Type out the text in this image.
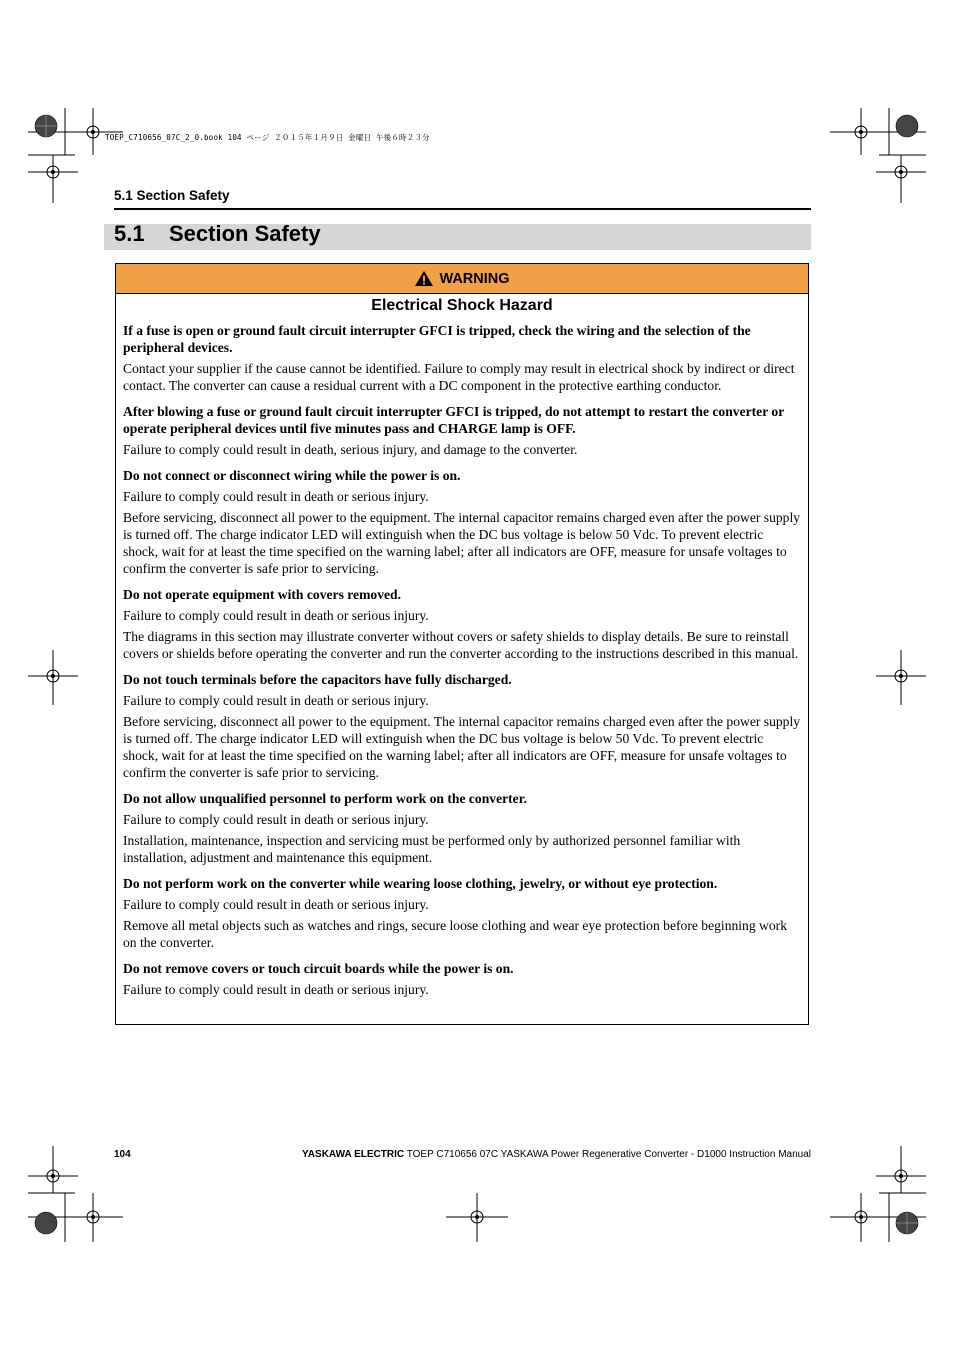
TOEP_C710656_07C_2_0.book 104 ページ ２０１５年１月９日 金曜日 午後６時２３分
5.1 Section Safety
5.1 Section Safety
WARNING
Electrical Shock Hazard

If a fuse is open or ground fault circuit interrupter GFCI is tripped, check the wiring and the selection of the peripheral devices.

Contact your supplier if the cause cannot be identified. Failure to comply may result in electrical shock by indirect or direct contact. The converter can cause a residual current with a DC component in the protective earthing conductor.

After blowing a fuse or ground fault circuit interrupter GFCI is tripped, do not attempt to restart the converter or operate peripheral devices until five minutes pass and CHARGE lamp is OFF.

Failure to comply could result in death, serious injury, and damage to the converter.

Do not connect or disconnect wiring while the power is on.

Failure to comply could result in death or serious injury.

Before servicing, disconnect all power to the equipment. The internal capacitor remains charged even after the power supply is turned off. The charge indicator LED will extinguish when the DC bus voltage is below 50 Vdc. To prevent electric shock, wait for at least the time specified on the warning label; after all indicators are OFF, measure for unsafe voltages to confirm the converter is safe prior to servicing.

Do not operate equipment with covers removed.

Failure to comply could result in death or serious injury.

The diagrams in this section may illustrate converter without covers or safety shields to display details. Be sure to reinstall covers or shields before operating the converter and run the converter according to the instructions described in this manual.

Do not touch terminals before the capacitors have fully discharged.

Failure to comply could result in death or serious injury.

Before servicing, disconnect all power to the equipment. The internal capacitor remains charged even after the power supply is turned off. The charge indicator LED will extinguish when the DC bus voltage is below 50 Vdc. To prevent electric shock, wait for at least the time specified on the warning label; after all indicators are OFF, measure for unsafe voltages to confirm the converter is safe prior to servicing.

Do not allow unqualified personnel to perform work on the converter.

Failure to comply could result in death or serious injury.

Installation, maintenance, inspection and servicing must be performed only by authorized personnel familiar with installation, adjustment and maintenance this equipment.

Do not perform work on the converter while wearing loose clothing, jewelry, or without eye protection.

Failure to comply could result in death or serious injury.

Remove all metal objects such as watches and rings, secure loose clothing and wear eye protection before beginning work on the converter.

Do not remove covers or touch circuit boards while the power is on.

Failure to comply could result in death or serious injury.

104	YASKAWA ELECTRIC TOEP C710656 07C YASKAWA Power Regenerative Converter - D1000 Instruction Manual
